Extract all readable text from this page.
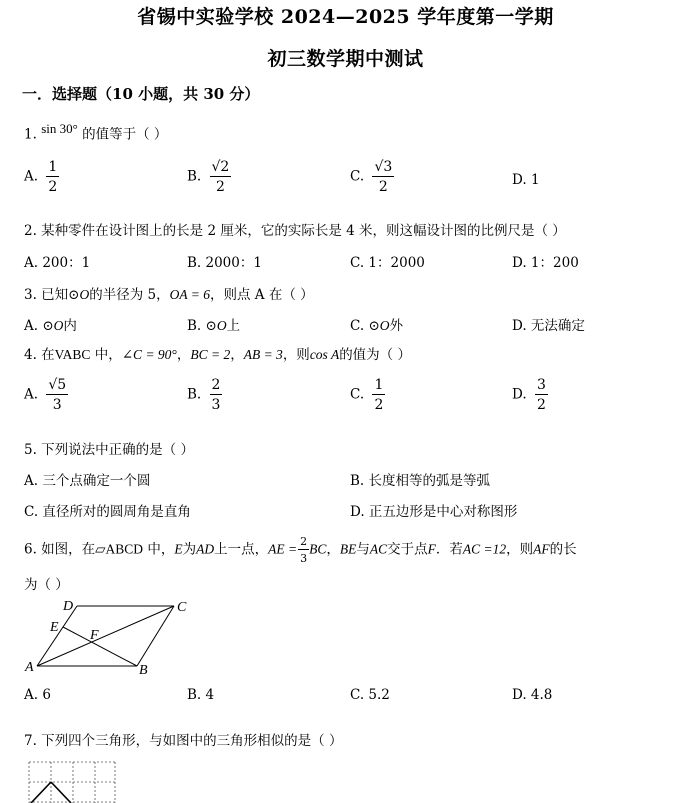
省锡中实验学校 2024—2025 学年度第一学期
初三数学期中测试
一．选择题（10 小题，共 30 分）
1. $^{sin 30^\circ}$ 的值等于（ ）
A. $\frac{1}{2}$	B. $\frac{√2}{2}$	C. $\frac{√3}{2}$	D. 1
2. 某种零件在设计图上的长是 2 厘米，它的实际长是 4 米，则这幅设计图的比例尺是（ ）
A. 200：1	B. 2000：1	C. 1：2000	D. 1：200
3. 已知⊙O的半径为 5，OA = 6，则点 A 在（ ）
A. ⊙O内	B. ⊙O上	C. ⊙O外	D. 无法确定
4. 在VABC 中，∠C = 90°，BC = 2，AB = 3，则cos A的值为（ ）
A. $\frac{√5}{3}$	B. $\frac{2}{3}$	C. $\frac{1}{2}$	D. $\frac{3}{2}$
5. 下列说法中正确的是（ ）
A. 三个点确定一个圆	B. 长度相等的弧是等弧
C. 直径所对的圆周角是直角	D. 正五边形是中心对称图形
6. 如图，在▱ABCD 中，E为AD上一点，AE = $\frac{2}{3}$ BC，BE与AC交于点F．若AC =12，则AF的长
为（ ）
A	B
C
D
E
F
A. 6	B. 4	C. 5.2	D. 4.8
7. 下列四个三角形，与如图中的三角形相似的是（ ）
